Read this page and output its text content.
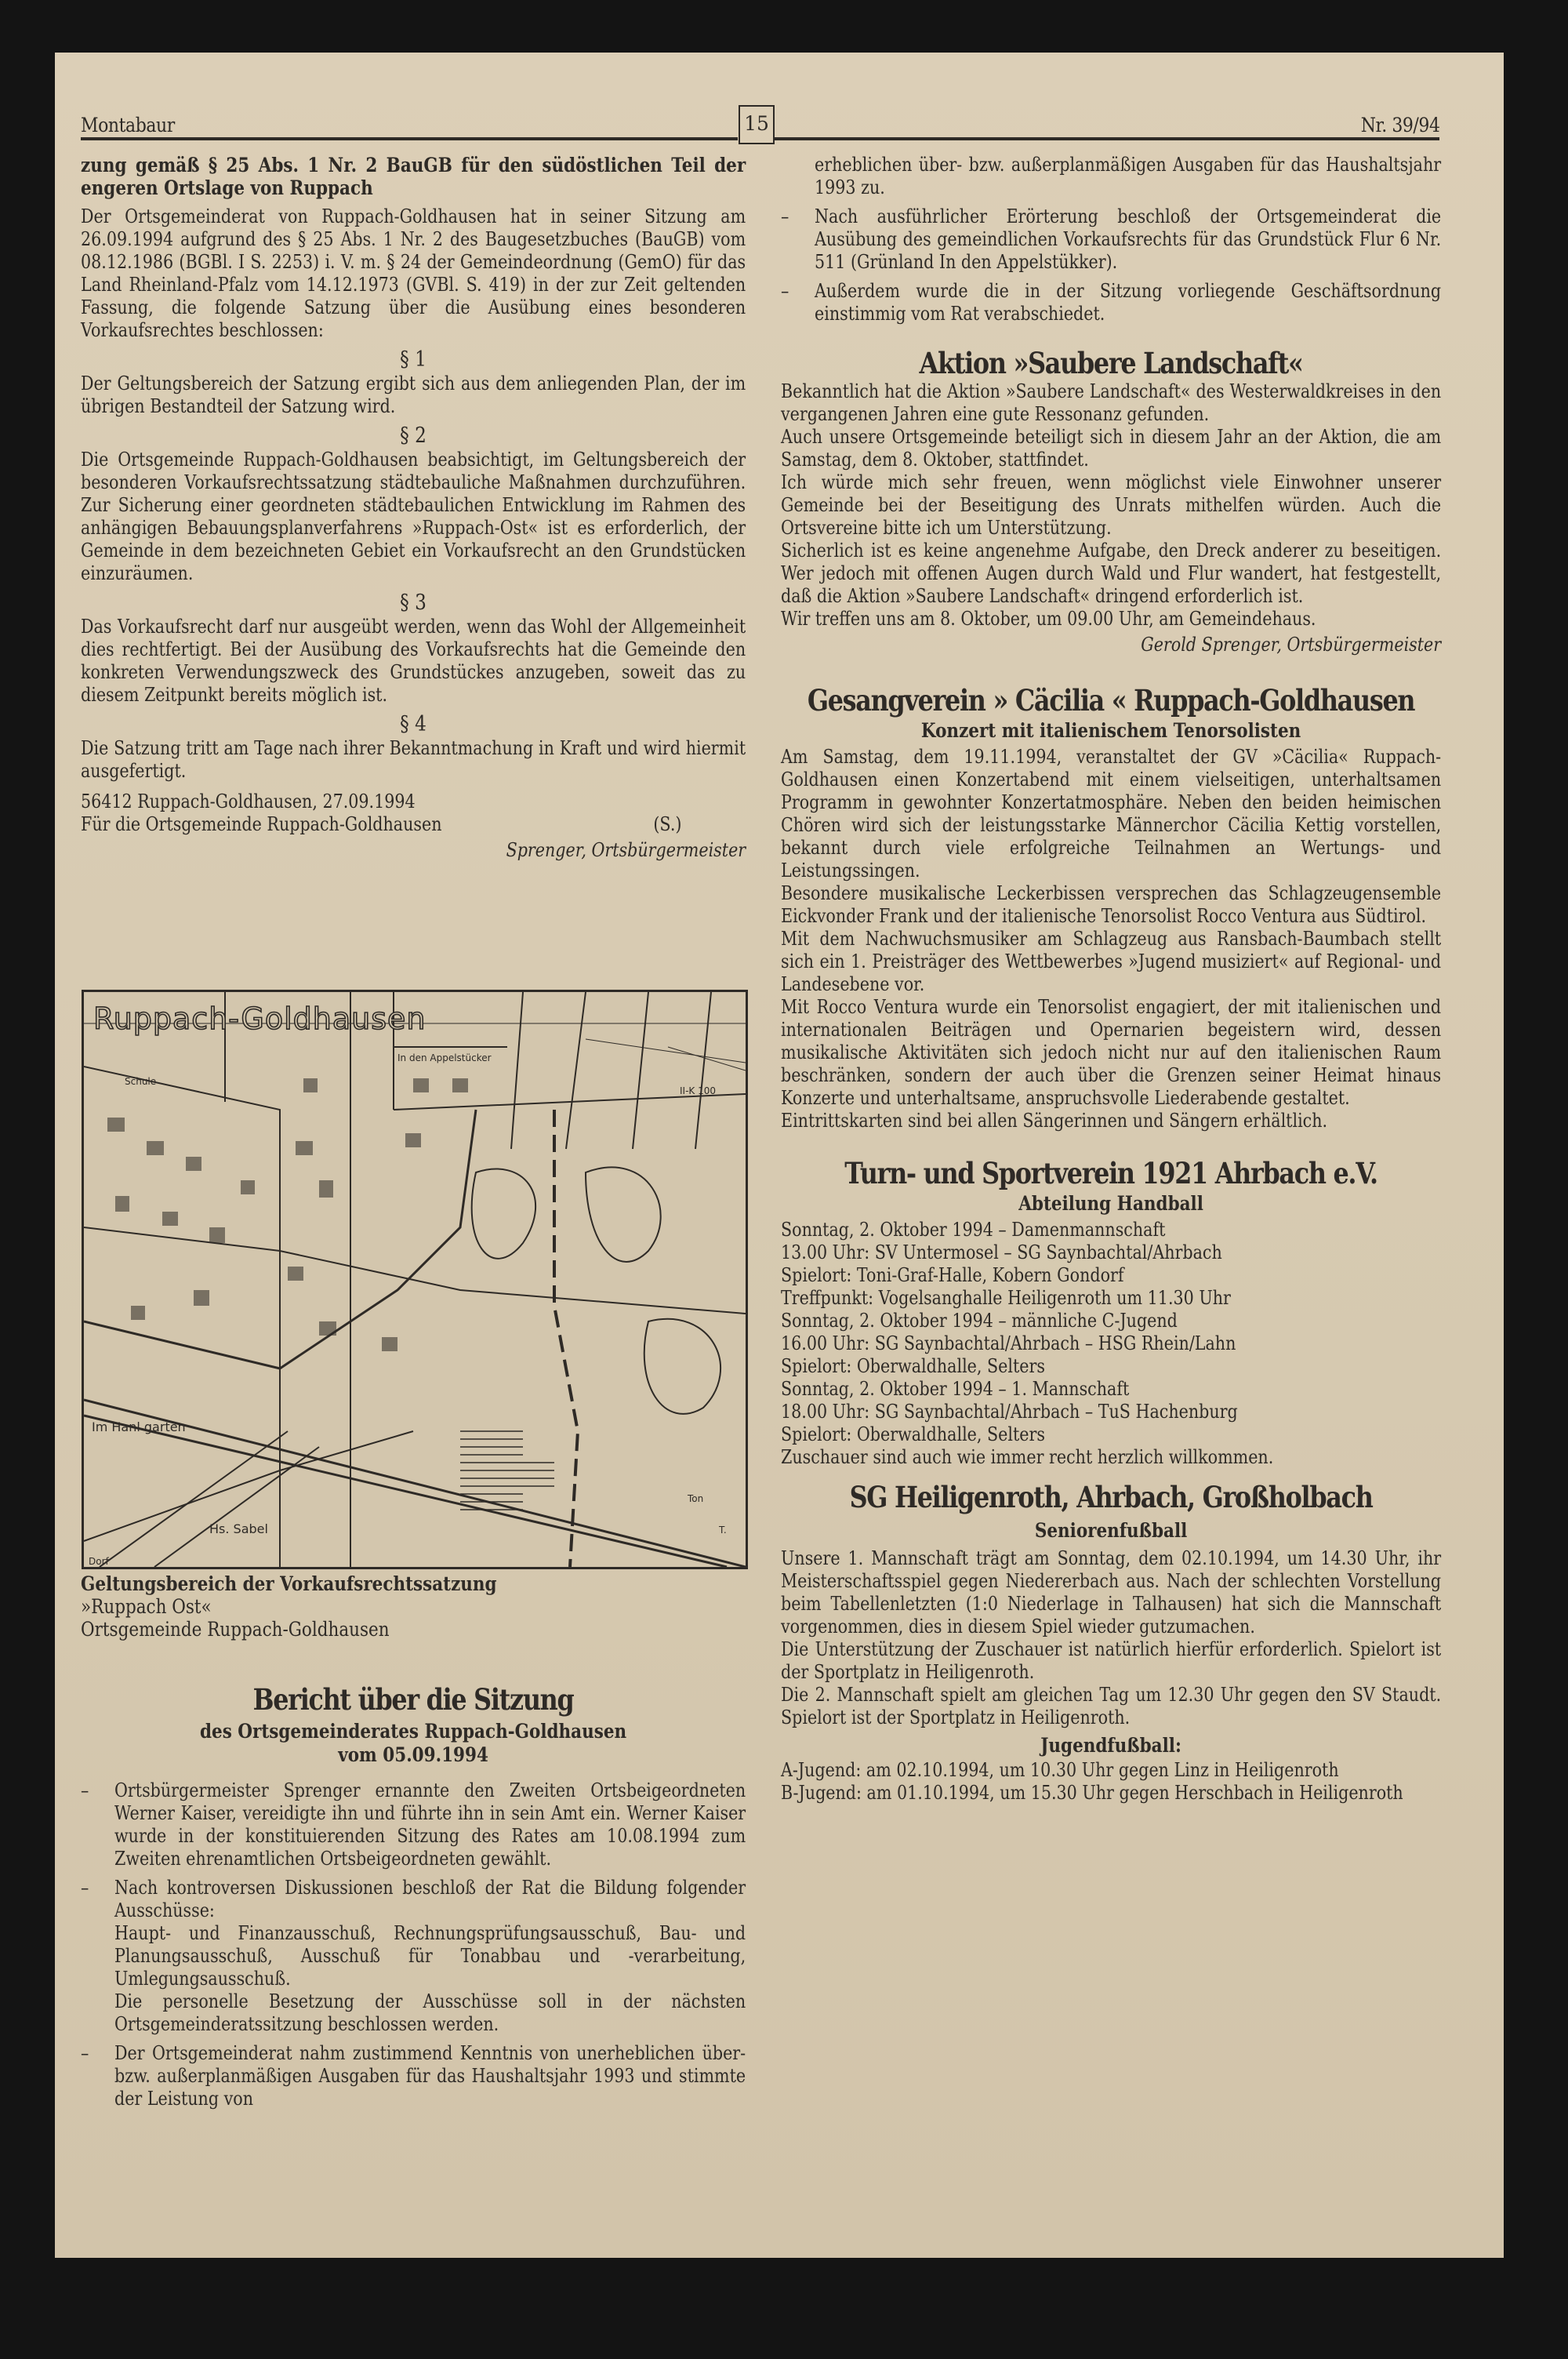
Montabaur	15	Nr. 39/94

zung gemäß § 25 Abs. 1 Nr. 2 BauGB für den südöstlichen Teil der engeren Ortslage von Ruppach

Der Ortsgemeinderat von Ruppach-Goldhausen hat in seiner Sitzung am 26.09.1994 aufgrund des § 25 Abs. 1 Nr. 2 des Baugesetzbuches (BauGB) vom 08.12.1986 (BGBl. I S. 2253) i. V. m. § 24 der Gemeindeordnung (GemO) für das Land Rheinland-Pfalz vom 14.12.1973 (GVBl. S. 419) in der zur Zeit geltenden Fassung, die folgende Satzung über die Ausübung eines besonderen Vorkaufsrechtes beschlossen:

§ 1

Der Geltungsbereich der Satzung ergibt sich aus dem anliegenden Plan, der im übrigen Bestandteil der Satzung wird.

§ 2

Die Ortsgemeinde Ruppach-Goldhausen beabsichtigt, im Geltungsbereich der besonderen Vorkaufsrechtssatzung städtebauliche Maßnahmen durchzuführen. Zur Sicherung einer geordneten städtebaulichen Entwicklung im Rahmen des anhängigen Bebauungsplanverfahrens »Ruppach-Ost« ist es erforderlich, der Gemeinde in dem bezeichneten Gebiet ein Vorkaufsrecht an den Grundstücken einzuräumen.

§ 3

Das Vorkaufsrecht darf nur ausgeübt werden, wenn das Wohl der Allgemeinheit dies rechtfertigt. Bei der Ausübung des Vorkaufsrechts hat die Gemeinde den konkreten Verwendungszweck des Grundstückes anzugeben, soweit das zu diesem Zeitpunkt bereits möglich ist.

§ 4

Die Satzung tritt am Tage nach ihrer Bekanntmachung in Kraft und wird hiermit ausgefertigt.

56412 Ruppach-Goldhausen, 27.09.1994

Für die Ortsgemeinde Ruppach-Goldhausen	(S.)

Sprenger, Ortsbürgermeister

Schule
In den Appelstücker
II-K 100
Im Hanl garten
Hs. Sabel
Dorf
Ton
T.
Ruppach-Goldhausen
Geltungsbereich der Vorkaufsrechtssatzung
»Ruppach Ost«
Ortsgemeinde Ruppach-Goldhausen
Bericht über die Sitzung
des Ortsgemeinderates Ruppach-Goldhausen
vom 05.09.1994
– Ortsbürgermeister Sprenger ernannte den Zweiten Ortsbeigeordneten Werner Kaiser, vereidigte ihn und führte ihn in sein Amt ein. Werner Kaiser wurde in der konstituierenden Sitzung des Rates am 10.08.1994 zum Zweiten ehrenamtlichen Ortsbeigeordneten gewählt.
– Nach kontroversen Diskussionen beschloß der Rat die Bildung folgender Ausschüsse:
Haupt- und Finanzausschuß, Rechnungsprüfungsausschuß, Bau- und Planungsausschuß, Ausschuß für Tonabbau und -verarbeitung, Umlegungsausschuß.
Die personelle Besetzung der Ausschüsse soll in der nächsten Ortsgemeinderatssitzung beschlossen werden.
– Der Ortsgemeinderat nahm zustimmend Kenntnis von unerheblichen über- bzw. außerplanmäßigen Ausgaben für das Haushaltsjahr 1993 und stimmte der Leistung von

erheblichen über- bzw. außerplanmäßigen Ausgaben für das Haushaltsjahr 1993 zu.

– Nach ausführlicher Erörterung beschloß der Ortsgemeinderat die Ausübung des gemeindlichen Vorkaufsrechts für das Grundstück Flur 6 Nr. 511 (Grünland In den Appelstükker).
– Außerdem wurde die in der Sitzung vorliegende Geschäftsordnung einstimmig vom Rat verabschiedet.
Aktion »Saubere Landschaft«

Bekanntlich hat die Aktion »Saubere Landschaft« des Westerwaldkreises in den vergangenen Jahren eine gute Ressonanz gefunden.

Auch unsere Ortsgemeinde beteiligt sich in diesem Jahr an der Aktion, die am Samstag, dem 8. Oktober, stattfindet.

Ich würde mich sehr freuen, wenn möglichst viele Einwohner unserer Gemeinde bei der Beseitigung des Unrats mithelfen würden. Auch die Ortsvereine bitte ich um Unterstützung.

Sicherlich ist es keine angenehme Aufgabe, den Dreck anderer zu beseitigen. Wer jedoch mit offenen Augen durch Wald und Flur wandert, hat festgestellt, daß die Aktion »Saubere Landschaft« dringend erforderlich ist.

Wir treffen uns am 8. Oktober, um 09.00 Uhr, am Gemeindehaus.

Gerold Sprenger, Ortsbürgermeister

Gesangverein » Cäcilia « Ruppach-Goldhausen
Konzert mit italienischem Tenorsolisten

Am Samstag, dem 19.11.1994, veranstaltet der GV »Cäcilia« Ruppach-Goldhausen einen Konzertabend mit einem vielseitigen, unterhaltsamen Programm in gewohnter Konzertatmosphäre. Neben den beiden heimischen Chören wird sich der leistungsstarke Männerchor Cäcilia Kettig vorstellen, bekannt durch viele erfolgreiche Teilnahmen an Wertungs- und Leistungssingen.

Besondere musikalische Leckerbissen versprechen das Schlagzeugensemble Eickvonder Frank und der italienische Tenorsolist Rocco Ventura aus Südtirol.

Mit dem Nachwuchsmusiker am Schlagzeug aus Ransbach-Baumbach stellt sich ein 1. Preisträger des Wettbewerbes »Jugend musiziert« auf Regional- und Landesebene vor.

Mit Rocco Ventura wurde ein Tenorsolist engagiert, der mit italienischen und internationalen Beiträgen und Opernarien begeistern wird, dessen musikalische Aktivitäten sich jedoch nicht nur auf den italienischen Raum beschränken, sondern der auch über die Grenzen seiner Heimat hinaus Konzerte und unterhaltsame, anspruchsvolle Liederabende gestaltet.

Eintrittskarten sind bei allen Sängerinnen und Sängern erhältlich.

Turn- und Sportverein 1921 Ahrbach e.V.
Abteilung Handball
Sonntag, 2. Oktober 1994 – Damenmannschaft
13.00 Uhr: SV Untermosel – SG Saynbachtal/Ahrbach
Spielort: Toni-Graf-Halle, Kobern Gondorf
Treffpunkt: Vogelsanghalle Heiligenroth um 11.30 Uhr
Sonntag, 2. Oktober 1994 – männliche C-Jugend
16.00 Uhr: SG Saynbachtal/Ahrbach – HSG Rhein/Lahn
Spielort: Oberwaldhalle, Selters
Sonntag, 2. Oktober 1994 – 1. Mannschaft
18.00 Uhr: SG Saynbachtal/Ahrbach – TuS Hachenburg
Spielort: Oberwaldhalle, Selters
Zuschauer sind auch wie immer recht herzlich willkommen.
SG Heiligenroth, Ahrbach, Großholbach
Seniorenfußball

Unsere 1. Mannschaft trägt am Sonntag, dem 02.10.1994, um 14.30 Uhr, ihr Meisterschaftsspiel gegen Niedererbach aus. Nach der schlechten Vorstellung beim Tabellenletzten (1:0 Niederlage in Talhausen) hat sich die Mannschaft vorgenommen, dies in diesem Spiel wieder gutzumachen.

Die Unterstützung der Zuschauer ist natürlich hierfür erforderlich. Spielort ist der Sportplatz in Heiligenroth.

Die 2. Mannschaft spielt am gleichen Tag um 12.30 Uhr gegen den SV Staudt. Spielort ist der Sportplatz in Heiligenroth.

Jugendfußball:

A-Jugend: am 02.10.1994, um 10.30 Uhr gegen Linz in Heiligenroth

B-Jugend: am 01.10.1994, um 15.30 Uhr gegen Herschbach in Heiligenroth
